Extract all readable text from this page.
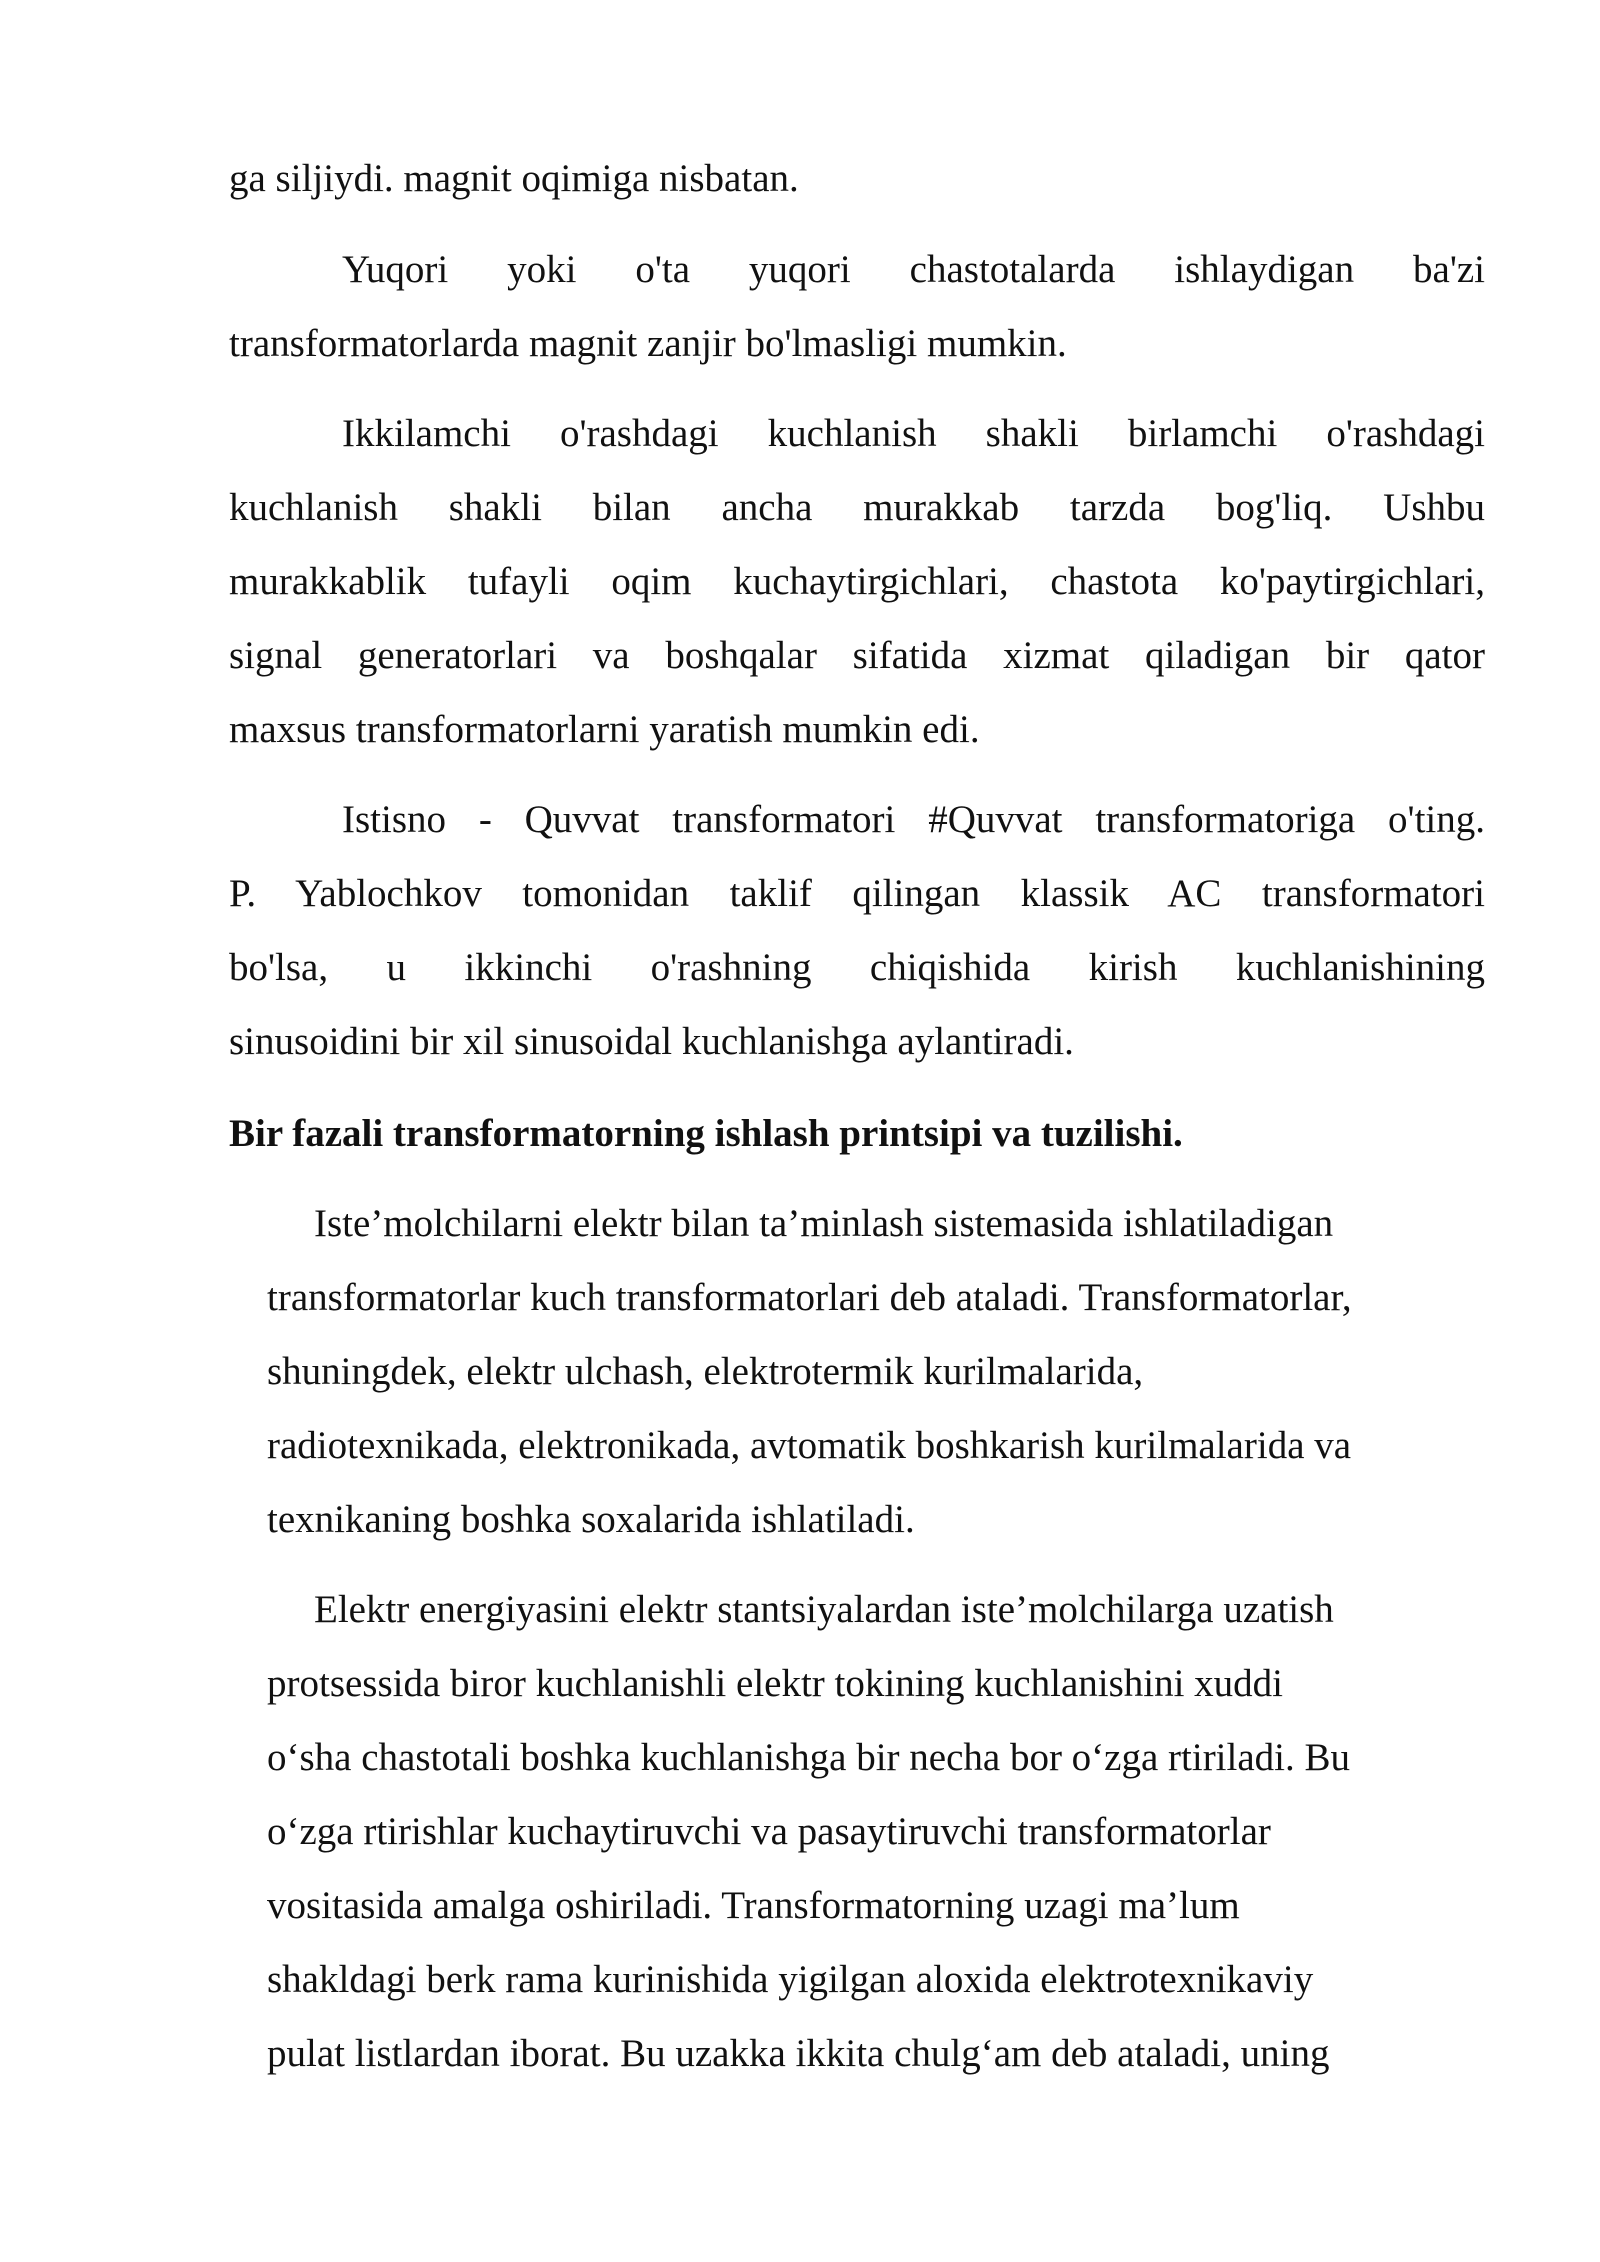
ga siljiydi. magnit oqimiga nisbatan.

Yuqori yoki o'ta yuqori chastotalarda ishlaydigan ba'zi

transformatorlarda magnit zanjir bo'lmasligi mumkin.

Ikkilamchi o'rashdagi kuchlanish shakli birlamchi o'rashdagi

kuchlanish shakli bilan ancha murakkab tarzda bog'liq. Ushbu

murakkablik tufayli oqim kuchaytirgichlari, chastota ko'paytirgichlari,

signal generatorlari va boshqalar sifatida xizmat qiladigan bir qator

maxsus transformatorlarni yaratish mumkin edi.

Istisno - Quvvat transformatori #Quvvat transformatoriga o'ting.

P. Yablochkov tomonidan taklif qilingan klassik AC transformatori

bo'lsa, u ikkinchi o'rashning chiqishida kirish kuchlanishining

sinusoidini bir xil sinusoidal kuchlanishga aylantiradi.

Bir fazali transformatorning ishlash printsipi va tuzilishi.

Iste’molchilarni elektr bilan ta’minlash sistemasida ishlatiladigan

transformatorlar kuch transformatorlari deb ataladi. Transformatorlar,

shuningdek, elektr ulchash, elektrotermik kurilmalarida,

radiotexnikada, elektronikada, avtomatik boshkarish kurilmalarida va

texnikaning boshka soxalarida ishlatiladi.

Elektr energiyasini elektr stantsiyalardan iste’molchilarga uzatish

protsessida biror kuchlanishli elektr tokining kuchlanishini xuddi

o‘sha chastotali boshka kuchlanishga bir necha bor o‘zga rtiriladi. Bu

o‘zga rtirishlar kuchaytiruvchi va pasaytiruvchi transformatorlar

vositasida amalga oshiriladi. Transformatorning uzagi ma’lum

shakldagi berk rama kurinishida yigilgan aloxida elektrotexnikaviy

pulat listlardan iborat. Bu uzakka ikkita chulg‘am deb ataladi, uning
